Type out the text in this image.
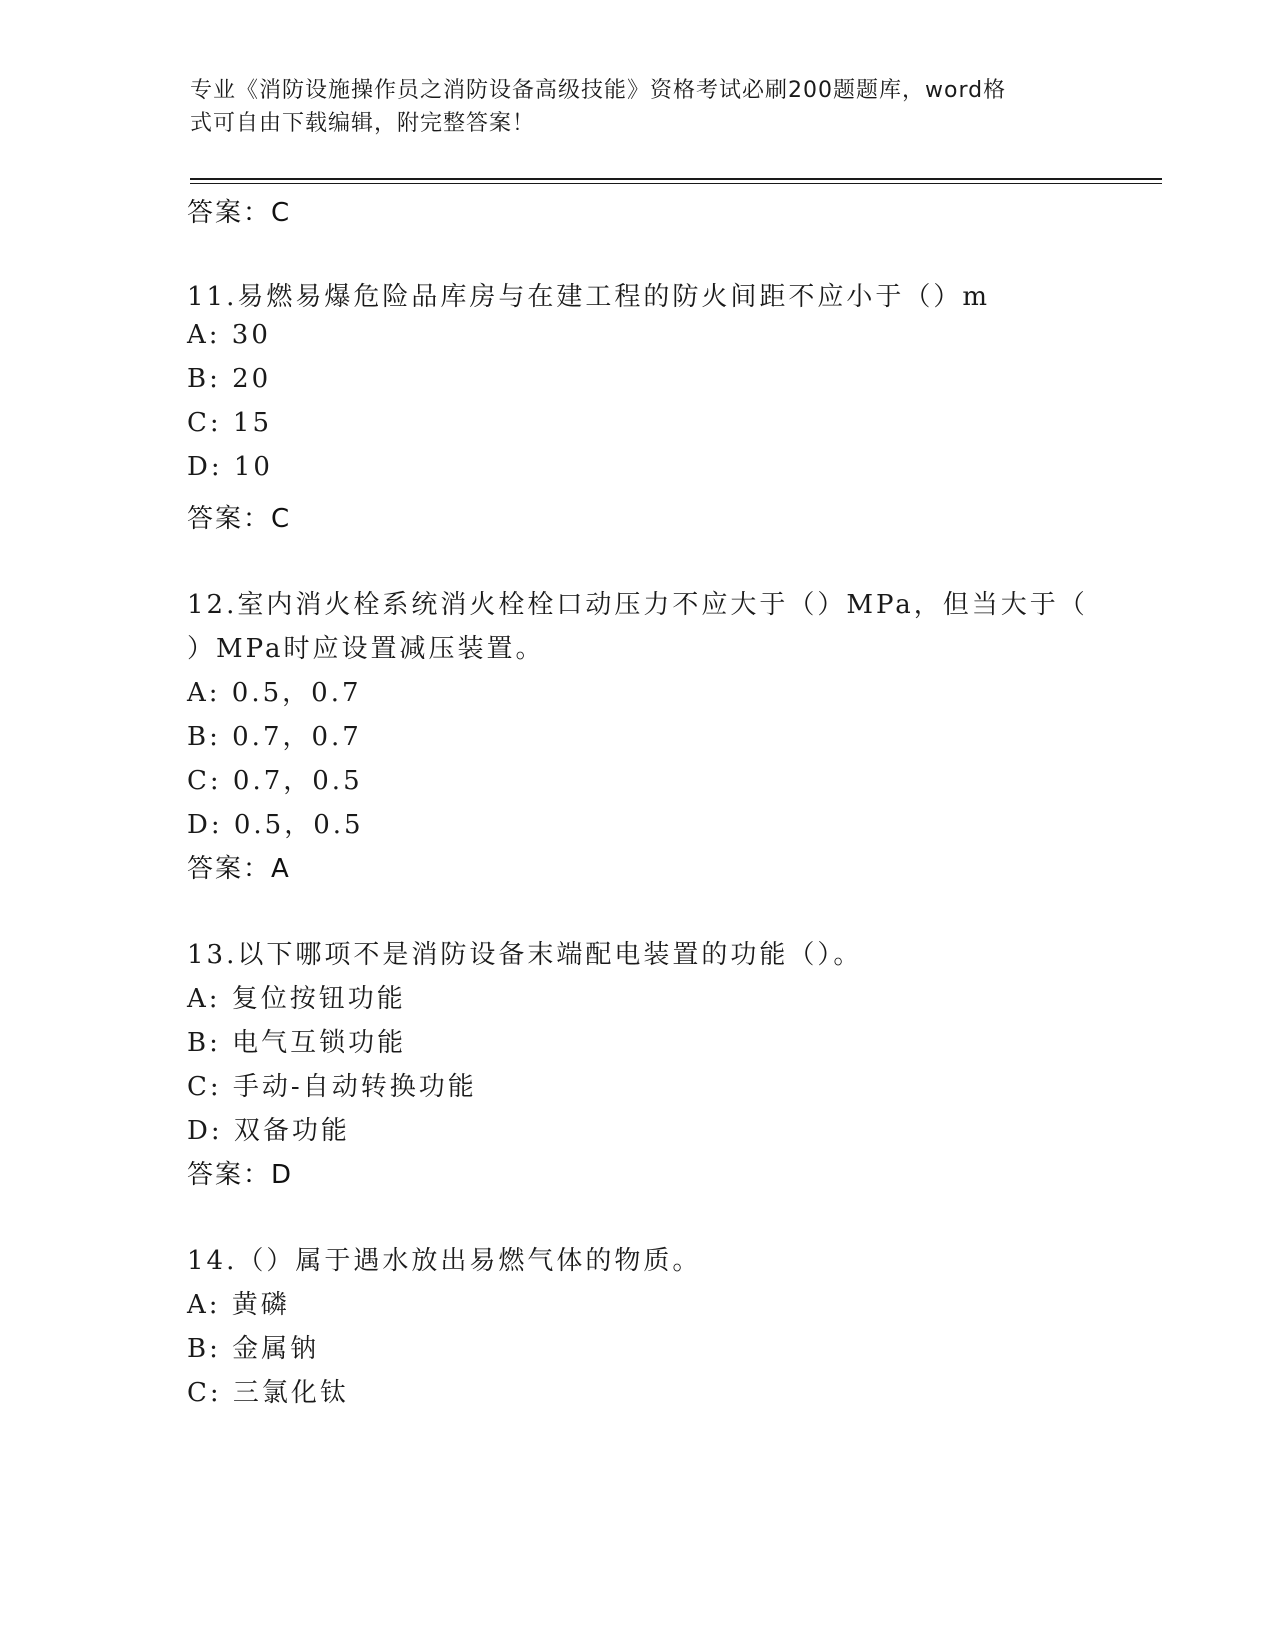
专业《消防设施操作员之消防设备高级技能》资格考试必刷200题题库，word格
式可自由下载编辑，附完整答案！
答案：C
11.易燃易爆危险品库房与在建工程的防火间距不应小于（）m
A: 30
B: 20
C: 15
D: 10
答案：C
12.室内消火栓系统消火栓栓口动压力不应大于（）MPa，但当大于（
）MPa时应设置减压装置。
A: 0.5，0.7
B: 0.7，0.7
C: 0.7，0.5
D: 0.5，0.5
答案：A
13.以下哪项不是消防设备末端配电装置的功能（）。
A: 复位按钮功能
B: 电气互锁功能
C: 手动-自动转换功能
D: 双备功能
答案：D
14.（）属于遇水放出易燃气体的物质。
A: 黄磷
B: 金属钠
C: 三氯化钛
